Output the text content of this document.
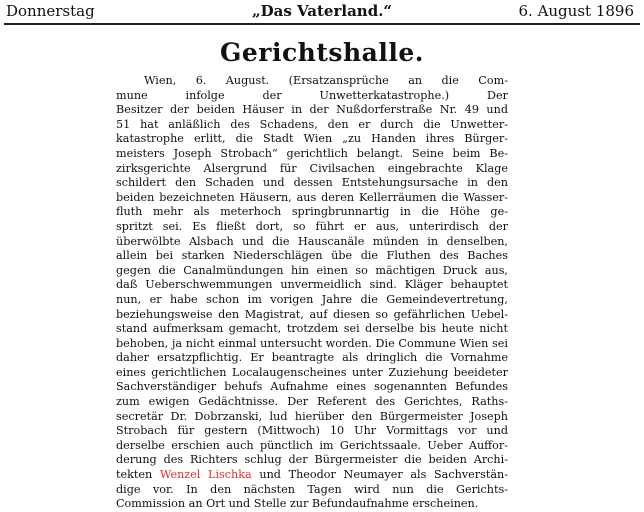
Donnerstag	„Das Vaterland.“	6. August 1896
Gerichtshalle.
Wien, 6. August. (Ersatzansprüche an die Com-
mune infolge der Unwetterkatastrophe.) Der
Besitzer der beiden Häuser in der Nußdorferstraße Nr. 49 und
51 hat anläßlich des Schadens, den er durch die Unwetter-
katastrophe erlitt, die Stadt Wien „zu Handen ihres Bürger-
meisters Joseph Strobach“ gerichtlich belangt. Seine beim Be-
zirksgerichte Alsergrund für Civilsachen eingebrachte Klage
schildert den Schaden und dessen Entstehungsursache in den
beiden bezeichneten Häusern, aus deren Kellerräumen die Wasser-
fluth mehr als meterhoch springbrunnartig in die Höhe ge-
spritzt sei. Es fließt dort, so führt er aus, unterirdisch der
überwölbte Alsbach und die Hauscanäle münden in denselben,
allein bei starken Niederschlägen übe die Fluthen des Baches
gegen die Canalmündungen hin einen so mächtigen Druck aus,
daß Ueberschwemmungen unvermeidlich sind. Kläger behauptet
nun, er habe schon im vorigen Jahre die Gemeindevertretung,
beziehungsweise den Magistrat, auf diesen so gefährlichen Uebel-
stand aufmerksam gemacht, trotzdem sei derselbe bis heute nicht
behoben, ja nicht einmal untersucht worden. Die Commune Wien sei
daher ersatzpflichtig. Er beantragte als dringlich die Vornahme
eines gerichtlichen Localaugenscheines unter Zuziehung beeideter
Sachverständiger behufs Aufnahme eines sogenannten Befundes
zum ewigen Gedächtnisse. Der Referent des Gerichtes, Raths-
secretär Dr. Dobrzanski, lud hierüber den Bürgermeister Joseph
Strobach für gestern (Mittwoch) 10 Uhr Vormittags vor und
derselbe erschien auch pünctlich im Gerichtssaale. Ueber Auffor-
derung des Richters schlug der Bürgermeister die beiden Archi-
tekten Wenzel Lischka und Theodor Neumayer als Sachverstän-
dige vor. In den nächsten Tagen wird nun die Gerichts-
Commission an Ort und Stelle zur Befundaufnahme erscheinen.
